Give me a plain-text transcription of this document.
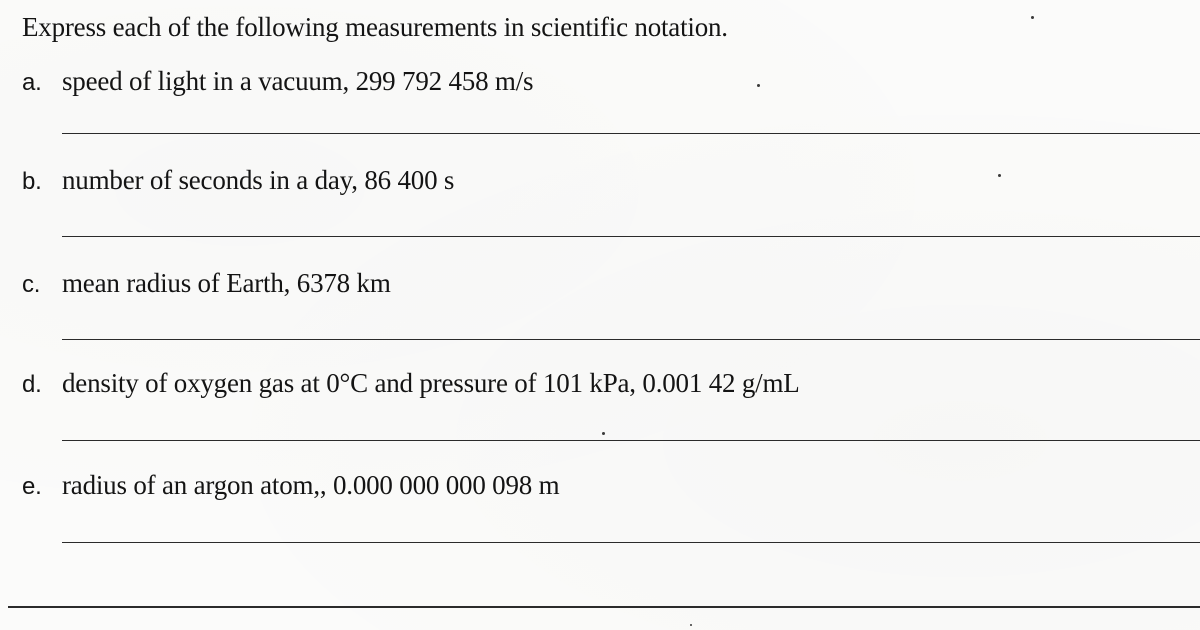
Express each of the following measurements in scientific notation.
a. speed of light in a vacuum, 299 792 458 m/s
b. number of seconds in a day, 86 400 s
c. mean radius of Earth, 6378 km
d. density of oxygen gas at 0°C and pressure of 101 kPa, 0.001 42 g/mL
e. radius of an argon atom,, 0.000 000 000 098 m
